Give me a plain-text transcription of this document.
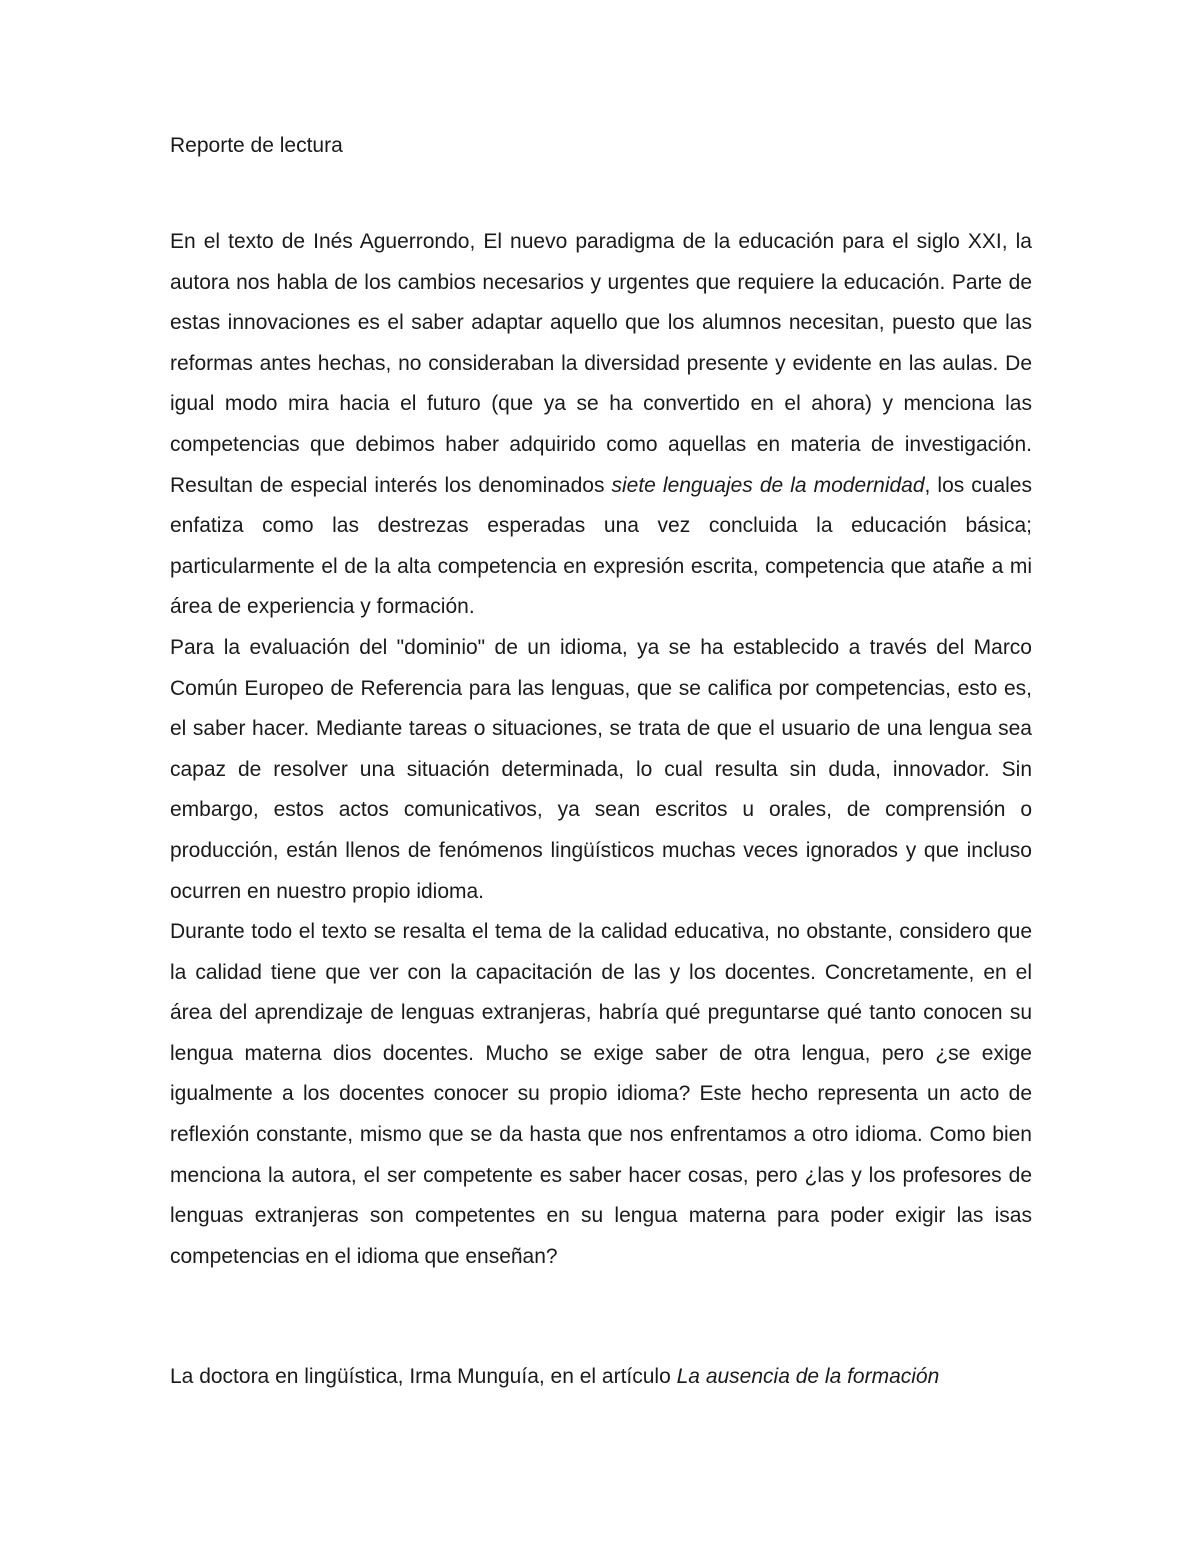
Reporte de lectura

En el texto de Inés Aguerrondo, El nuevo paradigma de la educación para el siglo XXI, la autora nos habla de los cambios necesarios y urgentes que requiere la educación. Parte de estas innovaciones es el saber adaptar aquello que los alumnos necesitan, puesto que las reformas antes hechas, no consideraban la diversidad presente y evidente en las aulas. De igual modo mira hacia el futuro (que ya se ha convertido en el ahora) y menciona las competencias que debimos haber adquirido como aquellas en materia de investigación. Resultan de especial interés los denominados siete lenguajes de la modernidad, los cuales enfatiza como las destrezas esperadas una vez concluida la educación básica; particularmente el de la alta competencia en expresión escrita, competencia que atañe a mi área de experiencia y formación.

Para la evaluación del "dominio" de un idioma, ya se ha establecido a través del Marco Común Europeo de Referencia para las lenguas, que se califica por competencias, esto es, el saber hacer. Mediante tareas o situaciones, se trata de que el usuario de una lengua sea capaz de resolver una situación determinada, lo cual resulta sin duda, innovador. Sin embargo, estos actos comunicativos, ya sean escritos u orales, de comprensión o producción, están llenos de fenómenos lingüísticos muchas veces ignorados y que incluso ocurren en nuestro propio idioma.

Durante todo el texto se resalta el tema de la calidad educativa, no obstante, considero que la calidad tiene que ver con la capacitación de las y los docentes. Concretamente, en el área del aprendizaje de lenguas extranjeras, habría qué preguntarse qué tanto conocen su lengua materna dios docentes. Mucho se exige saber de otra lengua, pero ¿se exige igualmente a los docentes conocer su propio idioma? Este hecho representa un acto de reflexión constante, mismo que se da hasta que nos enfrentamos a otro idioma. Como bien menciona la autora, el ser competente es saber hacer cosas, pero ¿las y los profesores de lenguas extranjeras son competentes en su lengua materna para poder exigir las isas competencias en el idioma que enseñan?

La doctora en lingüística, Irma Munguía, en el artículo La ausencia de la formación
